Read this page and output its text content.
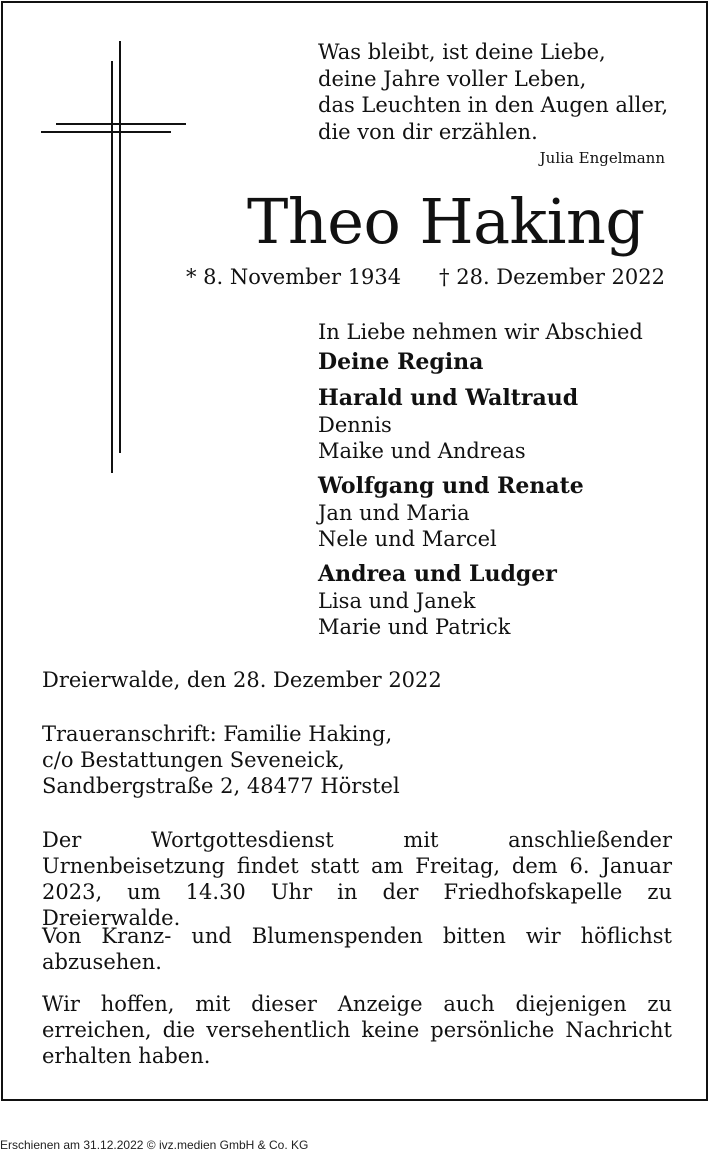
Was bleibt, ist deine Liebe,
deine Jahre voller Leben,
das Leuchten in den Augen aller,
die von dir erzählen.
Julia Engelmann
Theo Haking
* 8. November 1934 † 28. Dezember 2022
In Liebe nehmen wir Abschied
Deine Regina
Harald und Waltraud
Dennis
Maike und Andreas
Wolfgang und Renate
Jan und Maria
Nele und Marcel
Andrea und Ludger
Lisa und Janek
Marie und Patrick
Dreierwalde, den 28. Dezember 2022
Traueranschrift: Familie Haking,
c/o Bestattungen Seveneick,
Sandbergstraße 2, 48477 Hörstel
Der Wortgottesdienst mit anschließender Urnenbeisetzung findet statt am Freitag, dem 6. Januar 2023, um 14.30 Uhr in der Friedhofskapelle zu Dreierwalde.
Von Kranz- und Blumenspenden bitten wir höflichst abzusehen.
Wir hoffen, mit dieser Anzeige auch diejenigen zu erreichen, die versehentlich keine persönliche Nachricht erhalten haben.
Erschienen am 31.12.2022 © ivz.medien GmbH & Co. KG
